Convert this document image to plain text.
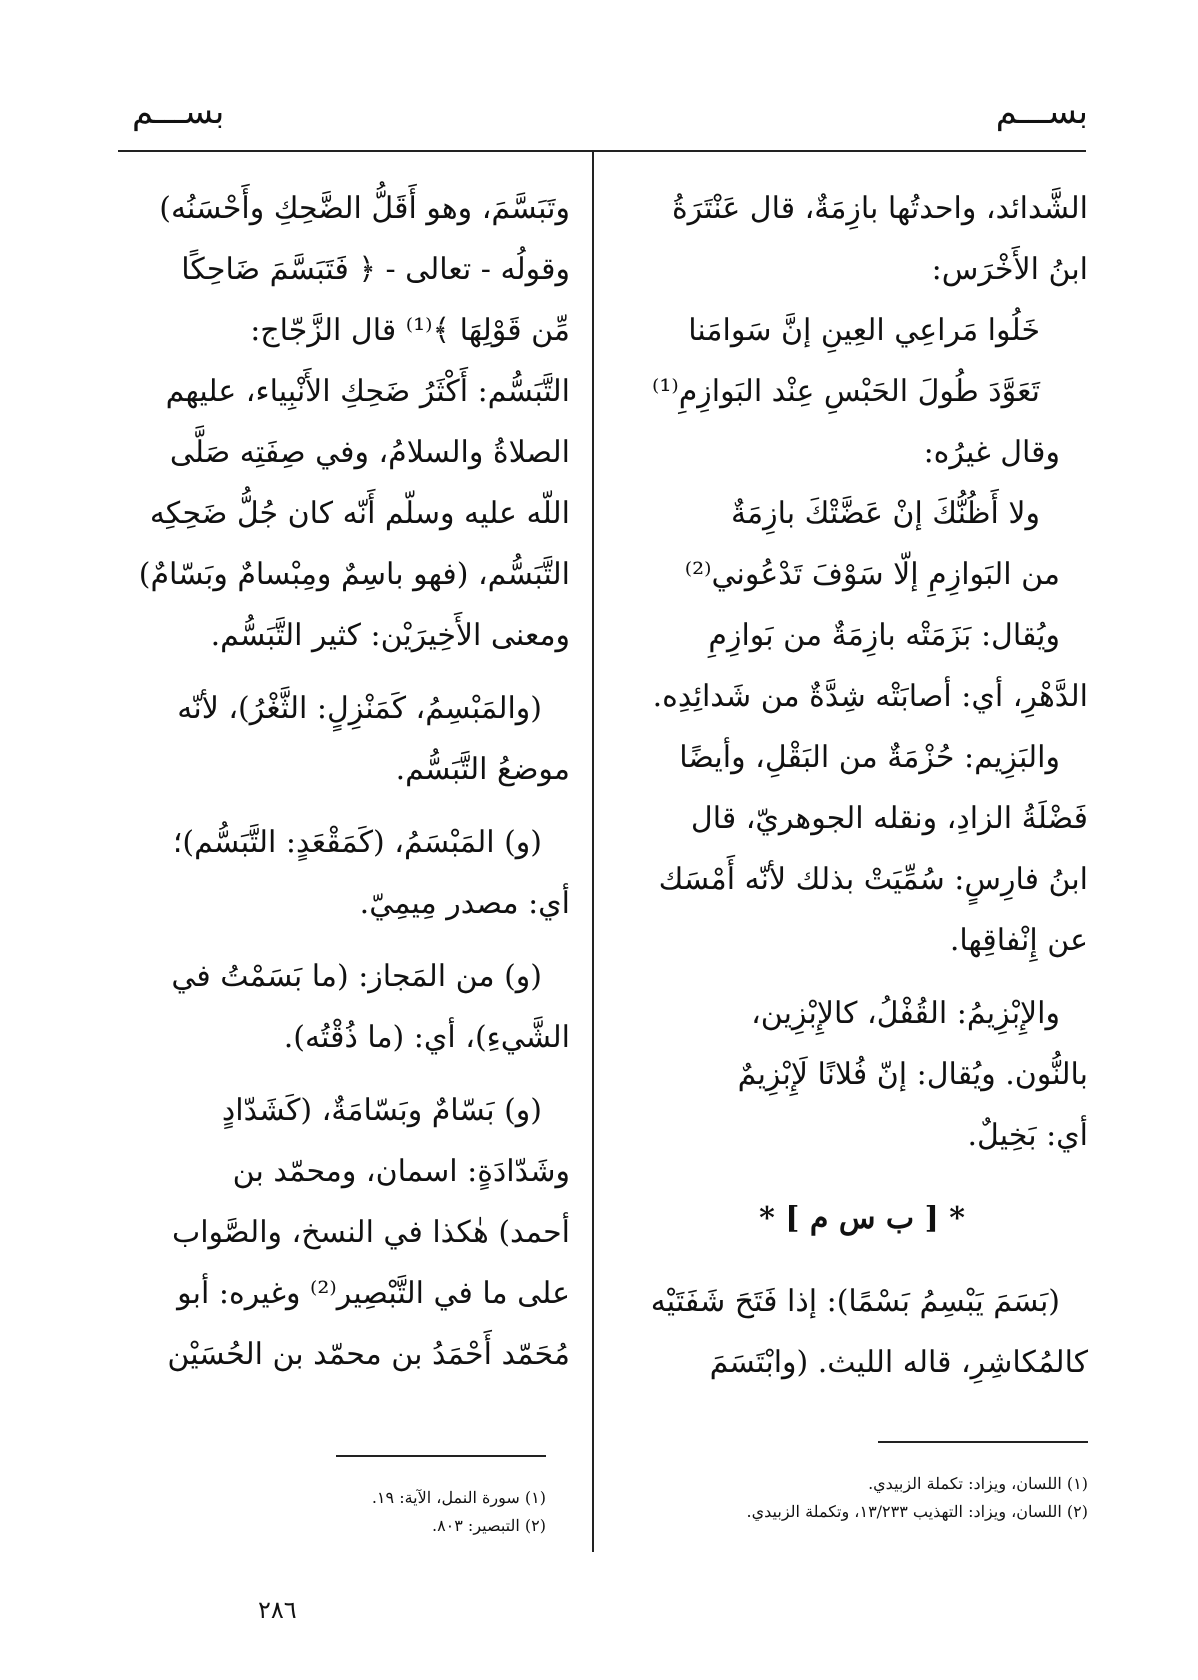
بســـم
بســـم
الشَّدائد، واحدتُها بازِمَةٌ، قال عَنْتَرَةُ
ابنُ الأَخْرَس:
خَلُوا مَراعِي العِينِ إنَّ سَوامَنا
تَعَوَّدَ طُولَ الحَبْسِ عِنْد البَوازِمِ⁽¹⁾
وقال غيرُه:
ولا أَظُنُّكَ إنْ عَضَّتْكَ بازِمَةٌ
من البَوازِمِ إلّا سَوْفَ تَدْعُوني⁽²⁾
ويُقال: بَزَمَتْه بازِمَةٌ من بَوازِمِ
الدَّهْرِ، أي: أصابَتْه شِدَّةٌ من شَدائِدِه.
والبَزِيم: حُزْمَةٌ من البَقْلِ، وأيضًا
فَضْلَةُ الزادِ، ونقله الجوهريّ، قال
ابنُ فارِسٍ: سُمِّيَتْ بذلك لأنّه أَمْسَك
عن إِنْفاقِها.
والإِبْزِيمُ: القُفْلُ، كالإِبْزِين،
بالنُّون. ويُقال: إنّ فُلانًا لَإِبْزِيمٌ
أي: بَخِيلٌ.
* [ ب س م ] *
(بَسَمَ يَبْسِمُ بَسْمًا): إذا فَتَحَ شَفَتَيْه
كالمُكاشِرِ، قاله الليث. (وابْتَسَمَ
وتَبَسَّمَ، وهو أَقَلُّ الضَّحِكِ وأَحْسَنُه)
وقولُه - تعالى - ﴿ فَتَبَسَّمَ ضَاحِكًا
مِّن قَوْلِهَا ﴾⁽¹⁾ قال الزَّجّاج:
التَّبَسُّم: أَكْثَرُ ضَحِكِ الأَنْبِياء، عليهم
الصلاةُ والسلامُ، وفي صِفَتِه صَلَّى
اللّه عليه وسلّم أَنّه كان جُلُّ ضَحِكِه
التَّبَسُّم، (فهو باسِمٌ ومِبْسامٌ وبَسّامٌ)
ومعنى الأَخِيرَيْن: كثير التَّبَسُّم.
(والمَبْسِمُ، كَمَنْزِلٍ: الثَّغْرُ)، لأنّه
موضعُ التَّبَسُّم.
(و) المَبْسَمُ، (كَمَقْعَدٍ: التَّبَسُّم)؛
أي: مصدر مِيمِيّ.
(و) من المَجاز: (ما بَسَمْتُ في
الشَّيءِ)، أي: (ما ذُقْتُه).
(و) بَسّامٌ وبَسّامَةٌ، (كَشَدّادٍ
وشَدّادَةٍ: اسمان، ومحمّد بن
أحمد) هٰكذا في النسخ، والصَّواب
على ما في التَّبْصِير⁽²⁾ وغيره: أبو
مُحَمّد أَحْمَدُ بن محمّد بن الحُسَيْن
(١) اللسان، ويزاد: تكملة الزبيدي.
(٢) اللسان، ويزاد: التهذيب ١٣/٢٣٣، وتكملة الزبيدي.
(١) سورة النمل، الآية: ١٩.
(٢) التبصير: ٨٠٣.
٢٨٦
